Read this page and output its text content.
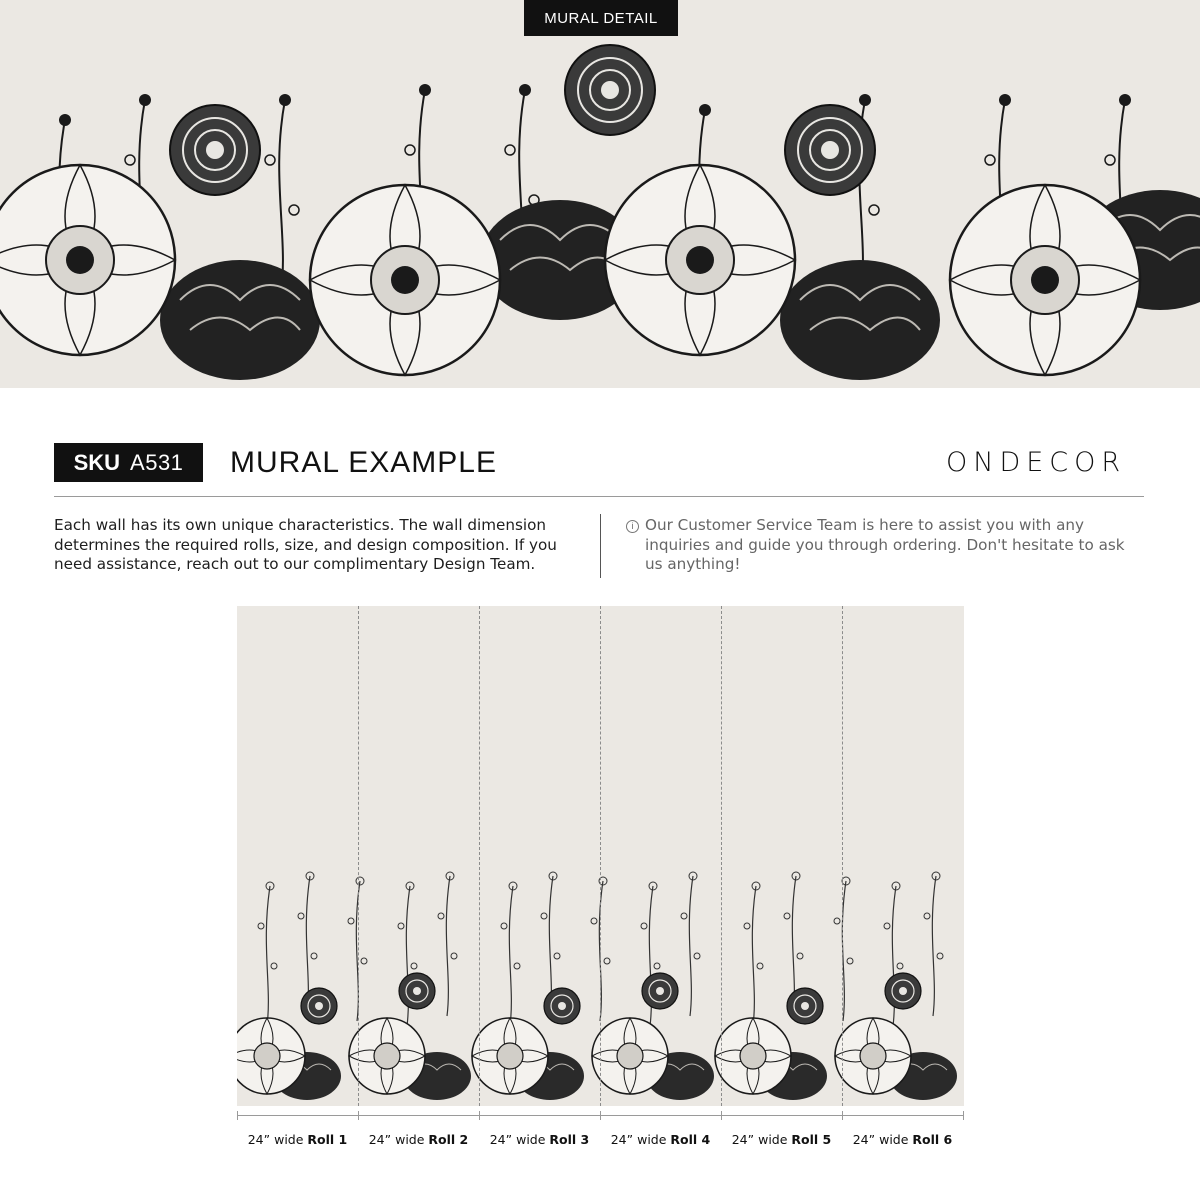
MURAL DETAIL
SKU A531 MURAL EXAMPLE	ONDECOR

Each wall has its own unique characteristics. The wall dimension determines the required rolls, size, and design composition. If you need assistance, reach out to our complimentary Design Team.

i Our Customer Service Team is here to assist you with any inquiries and guide you through ordering. Don't hesitate to ask us anything!
24” wide Roll 1	24” wide Roll 2	24” wide Roll 3	24” wide Roll 4	24” wide Roll 5	24” wide Roll 6
